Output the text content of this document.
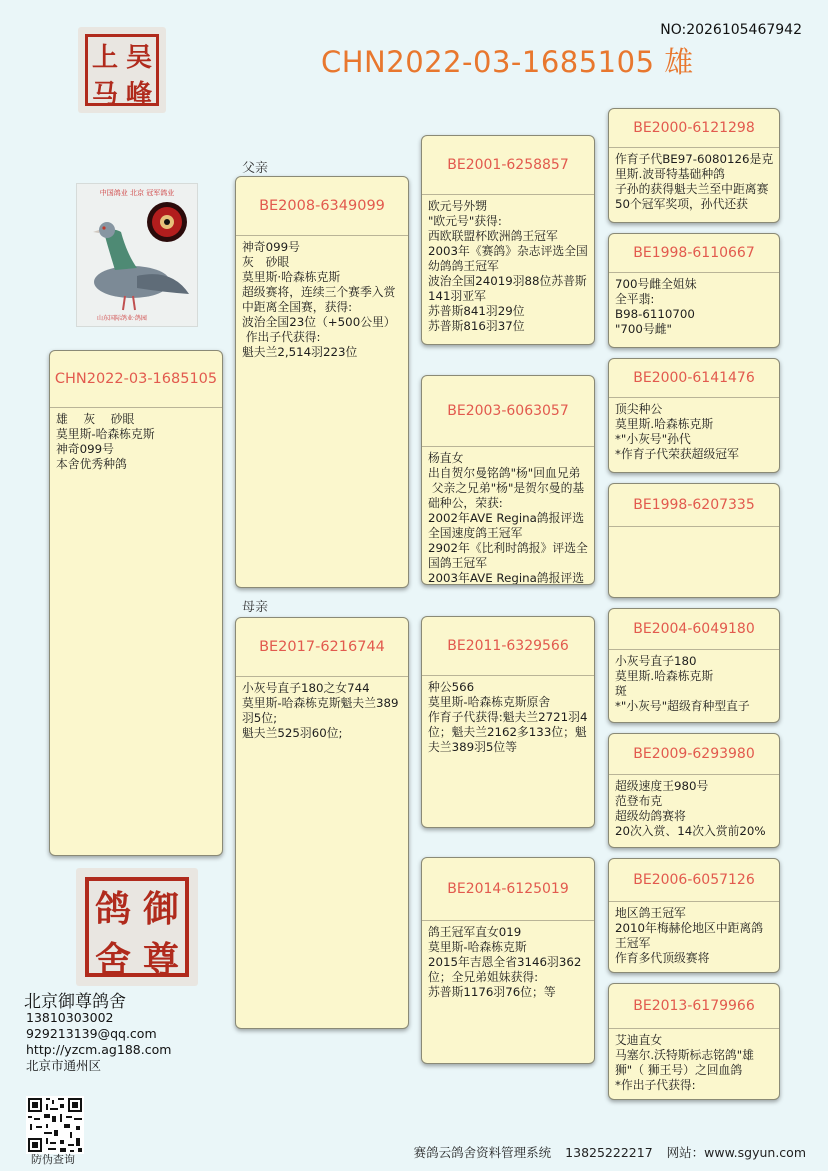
NO:2026105467942
CHN2022-03-1685105 雄
上 吴
马 峰
中国鸽业 北京 冠军鸽业
山东国际鸽业·鸽园
父亲
母亲
CHN2022-03-1685105
雄　 灰　 砂眼
莫里斯-哈森栋克斯
神奇099号
本舍优秀种鸽
BE2008-6349099
神奇099号
灰　砂眼
莫里斯·哈森栋克斯
超级赛将，连续三个赛季入赏中距离全国赛，获得:
波治全国23位（+500公里）
作出子代获得:
魁夫兰2,514羽223位
BE2017-6216744
小灰号直子180之女744
莫里斯-哈森栋克斯魁夫兰389羽5位;
魁夫兰525羽60位;
BE2001-6258857
欧元号外甥
"欧元号"获得:
西欧联盟杯欧洲鸽王冠军
2003年《赛鸽》杂志评选全国幼鸽鸽王冠军
波治全国24019羽88位苏普斯141羽亚军
苏普斯841羽29位
苏普斯816羽37位
BE2003-6063057
杨直女
出自贺尔曼铭鸽"杨"回血兄弟
父亲之兄弟"杨"是贺尔曼的基础种公，荣获:
2002年AVE Regina鸽报评选全国速度鸽王冠军
2902年《比利时鸽报》评选全国鸽王冠军
2003年AVE Regina鸽报评选
BE2011-6329566
种公566
莫里斯-哈森栋克斯原舍
作育子代获得:魁夫兰2721羽4位；魁夫兰2162多133位；魁夫兰389羽5位等
BE2014-6125019
鸽王冠军直女019
莫里斯-哈森栋克斯
2015年吉恩全省3146羽362位；全兄弟姐妹获得:
苏普斯1176羽76位；等
BE2000-6121298
作育子代BE97-6080126是克里斯.波哥特基础种鸽
子孙的获得魁夫兰至中距离赛50个冠军奖项，孙代还获
BE1998-6110667
700号雌全姐妹
全平翡:
B98-6110700
"700号雌"
BE2000-6141476
顶尖种公
莫里斯.哈森栋克斯
*"小灰号"孙代
*作育子代荣获超级冠军
BE1998-6207335
BE2004-6049180
小灰号直子180
莫里斯.哈森栋克斯
斑
*"小灰号"超级育种型直子
BE2009-6293980
超级速度王980号
范登布克
超级幼鸽赛将
20次入赏、14次入赏前20%
BE2006-6057126
地区鸽王冠军
2010年梅赫伦地区中距离鸽王冠军
作育多代顶级赛将
BE2013-6179966
艾迪直女
马塞尔.沃特斯标志铭鸽"雄狮"（ 狮王号）之回血鸽
*作出子代获得:
鸽 御
舍 尊
北京御尊鸽舍
13810303002
929213139@qq.com
http://yzcm.ag188.com
北京市通州区
防伪查询	赛鸽云鸽舍资料管理系统 13825222217 网站：www.sgyun.com
